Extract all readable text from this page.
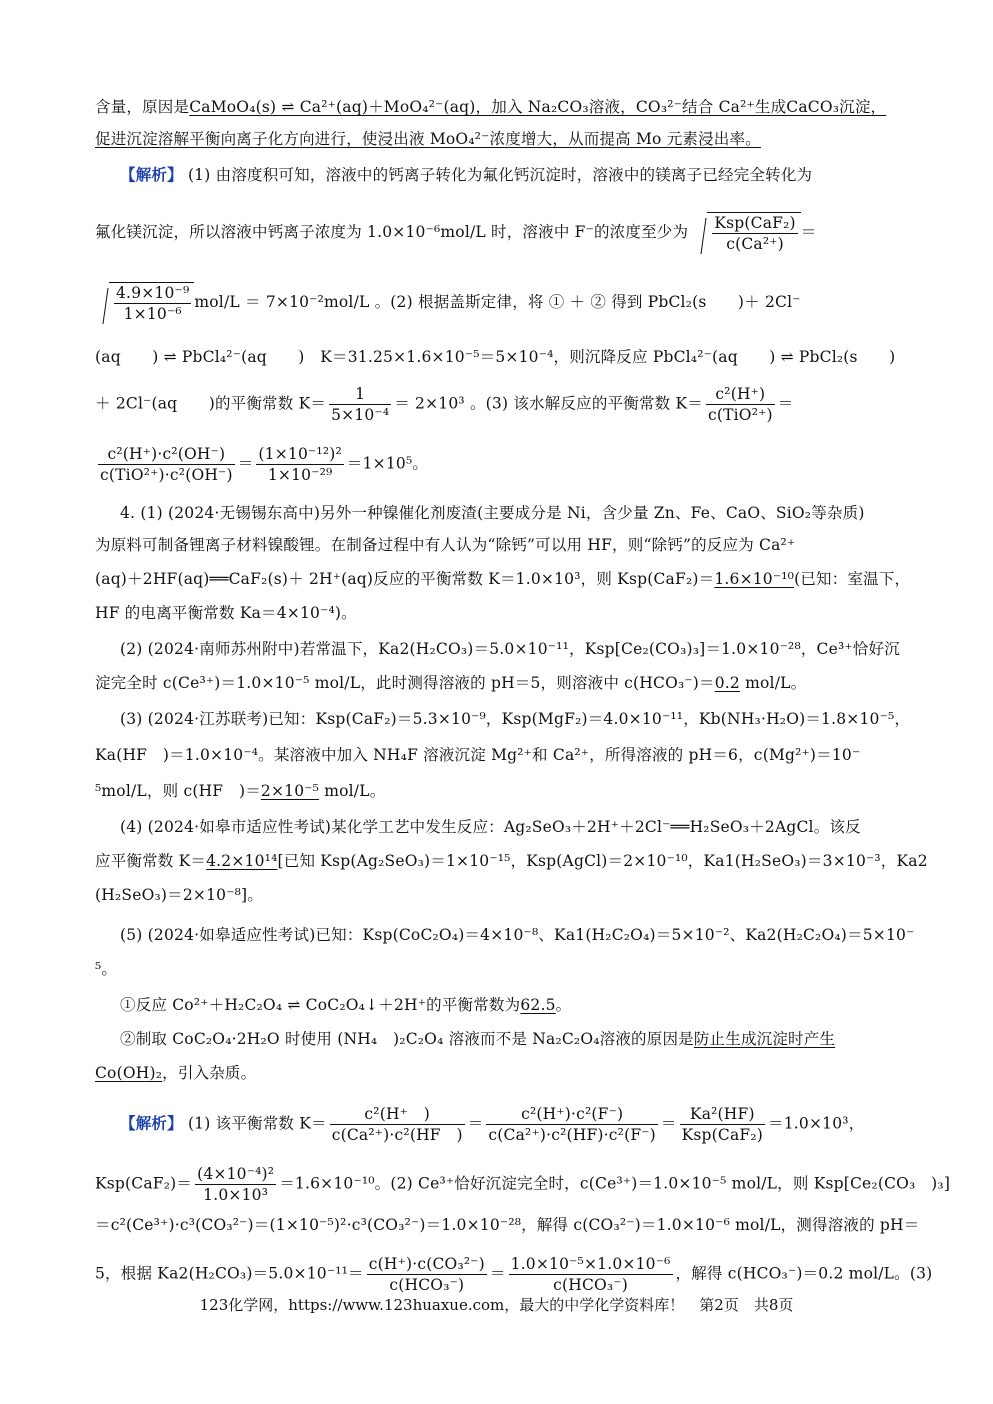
含量，原因是CaMoO₄(s) ⇌ Ca²⁺(aq)＋MoO₄²⁻(aq)，加入 Na₂CO₃溶液，CO₃²⁻结合 Ca²⁺生成CaCO₃沉淀，
促进沉淀溶解平衡向离子化方向进行，使浸出液 MoO₄²⁻浓度增大，从而提高 Mo 元素浸出率。
【解析】 (1) 由溶度积可知，溶液中的钙离子转化为氟化钙沉淀时，溶液中的镁离子已经完全转化为
氟化镁沉淀，所以溶液中钙离子浓度为 1.0×10⁻⁶mol/L 时，溶液中 F⁻的浓度至少为 $\frac{\text{Ksp(CaF₂)}}{\text{c(Ca²⁺)}}$ ＝
$\frac{\text{4.9×10⁻⁹}}{\text{1×10⁻⁶}} mol/L = 7\times 10^{-2}mol/L$ 。(2) 根据盖斯定律，将 ① ＋ ② 得到 PbCl₂(s　　)＋ 2Cl⁻
(aq　　) ⇌ PbCl₄²⁻(aq　　)　K＝31.25×1.6×10⁻⁵＝5×10⁻⁴，则沉降反应 PbCl₄²⁻(aq　　) ⇌ PbCl₂(s　　)
＋ 2Cl⁻(aq　　)的平衡常数 $K= \frac{1}{\text{5×10⁻⁴}} = 2\times 10^3$ 。(3) 该水解反应的平衡常数 $K= \frac{\text{c²(H⁺)}}{\text{c(TiO²⁺)}}$ ＝
$\frac{\text{c²(H⁺)·c²(OH⁻)}}{\text{c(TiO²⁺)·c²(OH⁻)}} = \frac{\text{(1×10⁻¹²)²}}{\text{1×10⁻²⁹}} =1\times 10^5$。
4. (1) (2024·无锡锡东高中)另外一种镍催化剂废渣(主要成分是 Ni，含少量 Zn、Fe、CaO、SiO₂等杂质)
为原料可制备锂离子材料镍酸锂。在制备过程中有人认为“除钙”可以用 HF，则“除钙”的反应为 Ca²⁺
(aq)＋2HF(aq)══CaF₂(s)＋ 2H⁺(aq)反应的平衡常数 K＝1.0×10³，则 Ksp(CaF₂)＝1.6×10⁻¹⁰(已知：室温下，
HF 的电离平衡常数 Ka＝4×10⁻⁴)。
(2) (2024·南师苏州附中)若常温下，Ka2(H₂CO₃)＝5.0×10⁻¹¹，Ksp[Ce₂(CO₃)₃]＝1.0×10⁻²⁸，Ce³⁺恰好沉
淀完全时 c(Ce³⁺)＝1.0×10⁻⁵ mol/L，此时测得溶液的 pH＝5，则溶液中 c(HCO₃⁻)＝0.2 mol/L。
(3) (2024·江苏联考)已知：Ksp(CaF₂)＝5.3×10⁻⁹，Ksp(MgF₂)＝4.0×10⁻¹¹，Kb(NH₃·H₂O)＝1.8×10⁻⁵，
Ka(HF　)＝1.0×10⁻⁴。某溶液中加入 NH₄F 溶液沉淀 Mg²⁺和 Ca²⁺，所得溶液的 pH＝6，c(Mg²⁺)＝10⁻
⁵mol/L，则 c(HF　)＝2×10⁻⁵ mol/L。
(4) (2024·如皋市适应性考试)某化学工艺中发生反应：Ag₂SeO₃＋2H⁺＋2Cl⁻══H₂SeO₃＋2AgCl。该反
应平衡常数 K＝4.2×10¹⁴[已知 Ksp(Ag₂SeO₃)＝1×10⁻¹⁵，Ksp(AgCl)＝2×10⁻¹⁰，Ka1(H₂SeO₃)＝3×10⁻³，Ka2
(H₂SeO₃)＝2×10⁻⁸]。
(5) (2024·如皋适应性考试)已知：Ksp(CoC₂O₄)＝4×10⁻⁸、Ka1(H₂C₂O₄)＝5×10⁻²、Ka2(H₂C₂O₄)＝5×10⁻
⁵。
①反应 Co²⁺＋H₂C₂O₄ ⇌ CoC₂O₄↓＋2H⁺的平衡常数为62.5。
②制取 CoC₂O₄·2H₂O 时使用 (NH₄　)₂C₂O₄ 溶液而不是 Na₂C₂O₄溶液的原因是防止生成沉淀时产生
Co(OH)₂，引入杂质。
【解析】 (1) 该平衡常数 $K= \frac{\text{c²(H⁺　)}}{\text{c(Ca²⁺)·c²(HF　)}} = \frac{\text{c²(H⁺)·c²(F⁻)}}{\text{c(Ca²⁺)·c²(HF)·c²(F⁻)}} = \frac{\text{Ka²(HF)}}{\text{Ksp(CaF₂)}} =1.0\times 10^3$，
$Ksp(CaF_2)= \frac{\text{(4×10⁻⁴)²}}{\text{1.0×10³}} =1.6\times 10^{-10}$。(2) Ce³⁺恰好沉淀完全时，c(Ce³⁺)＝1.0×10⁻⁵ mol/L，则 Ksp[Ce₂(CO₃　)₃]
＝c²(Ce³⁺)·c³(CO₃²⁻)＝(1×10⁻⁵)²·c³(CO₃²⁻)＝1.0×10⁻²⁸，解得 c(CO₃²⁻)＝1.0×10⁻⁶ mol/L，测得溶液的 pH＝
5，根据 $Ka2(H_2CO_3)=5.0\times 10^{-11}= \frac{\text{c(H⁺)·c(CO₃²⁻)}}{\text{c(HCO₃⁻)}} = \frac{\text{1.0×10⁻⁵×1.0×10⁻⁶}}{\text{c(HCO₃⁻)}}$ ，解得 c(HCO₃⁻)＝0.2 mol/L。(3)
123化学网，https://www.123huaxue.com，最大的中学化学资料库！　第2页　共8页
